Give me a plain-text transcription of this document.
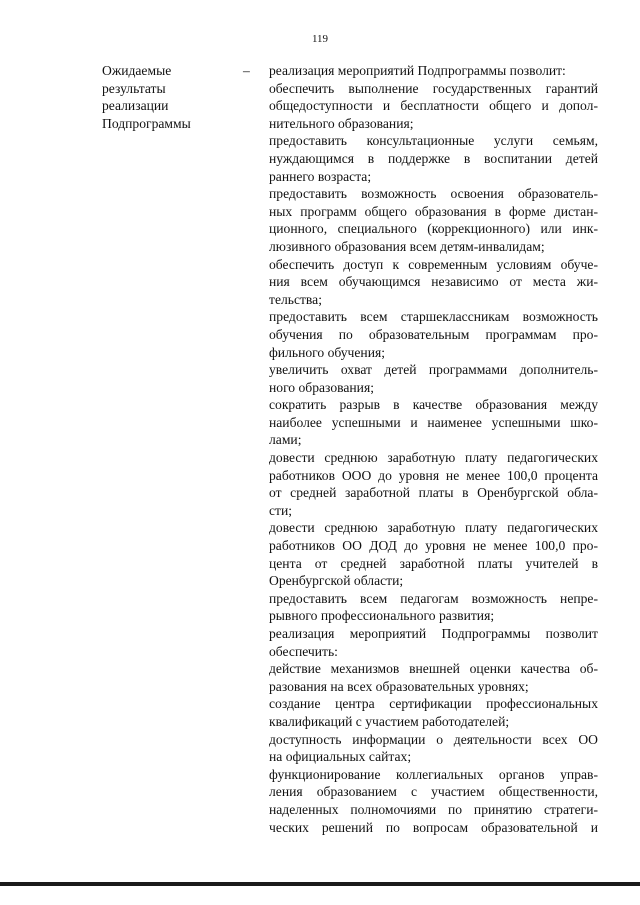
119
Ожидаемые
результаты
реализации
Подпрограммы
– реализация мероприятий Подпрограммы позволит:
обеспечить выполнение государственных гарантий
общедоступности и бесплатности общего и допол-
нительного образования;
предоставить консультационные услуги семьям,
нуждающимся в поддержке в воспитании детей
раннего возраста;
предоставить возможность освоения образователь-
ных программ общего образования в форме дистан-
ционного, специального (коррекционного) или инк-
люзивного образования всем детям-инвалидам;
обеспечить доступ к современным условиям обуче-
ния всем обучающимся независимо от места жи-
тельства;
предоставить всем старшеклассникам возможность
обучения по образовательным программам про-
фильного обучения;
увеличить охват детей программами дополнитель-
ного образования;
сократить разрыв в качестве образования между
наиболее успешными и наименее успешными шко-
лами;
довести среднюю заработную плату педагогических
работников ООО до уровня не менее 100,0 процента
от средней заработной платы в Оренбургской обла-
сти;
довести среднюю заработную плату педагогических
работников ОО ДОД до уровня не менее 100,0 про-
цента от средней заработной платы учителей в
Оренбургской области;
предоставить всем педагогам возможность непре-
рывного профессионального развития;
реализация мероприятий Подпрограммы позволит
обеспечить:
действие механизмов внешней оценки качества об-
разования на всех образовательных уровнях;
создание центра сертификации профессиональных
квалификаций с участием работодателей;
доступность информации о деятельности всех ОО
на официальных сайтах;
функционирование коллегиальных органов управ-
ления образованием с участием общественности,
наделенных полномочиями по принятию стратеги-
ческих решений по вопросам образовательной и
